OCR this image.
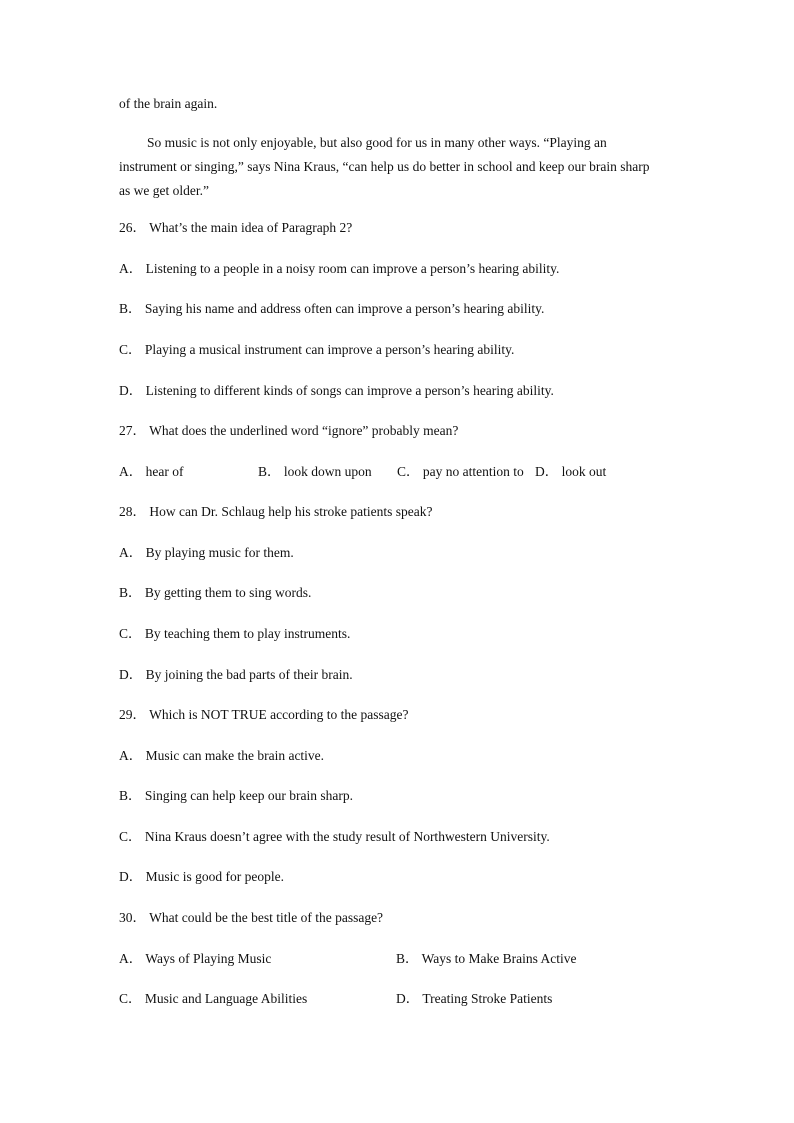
of the brain again.
So music is not only enjoyable, but also good for us in many other ways. “Playing an
instrument or singing,” says Nina Kraus, “can help us do better in school and keep our brain sharp
as we get older.”
26． What’s the main idea of Paragraph 2?
A． Listening to a people in a noisy room can improve a person’s hearing ability.
B． Saying his name and address often can improve a person’s hearing ability.
C． Playing a musical instrument can improve a person’s hearing ability.
D． Listening to different kinds of songs can improve a person’s hearing ability.
27． What does the underlined word “ignore” probably mean?
A． hear of	B． look down upon C． pay no attention to D． look out
28． How can Dr. Schlaug help his stroke patients speak?
A． By playing music for them.
B． By getting them to sing words.
C． By teaching them to play instruments.
D． By joining the bad parts of their brain.
29． Which is NOT TRUE according to the passage?
A． Music can make the brain active.
B． Singing can help keep our brain sharp.
C． Nina Kraus doesn’t agree with the study result of Northwestern University.
D． Music is good for people.
30． What could be the best title of the passage?
A． Ways of Playing Music	B． Ways to Make Brains Active
C． Music and Language Abilities	D． Treating Stroke Patients
